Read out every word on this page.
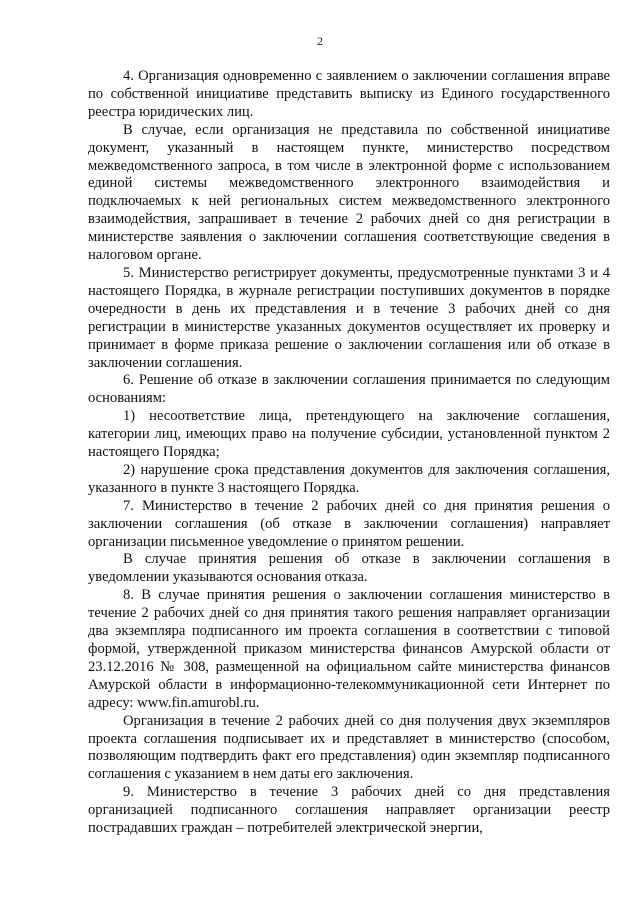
2

4. Организация одновременно с заявлением о заключении соглашения вправе по собственной инициативе представить выписку из Единого государственного реестра юридических лиц.

В случае, если организация не представила по собственной инициативе документ, указанный в настоящем пункте, министерство посредством межведомственного запроса, в том числе в электронной форме с использованием единой системы межведомственного электронного взаимодействия и подключаемых к ней региональных систем межведомственного электронного взаимодействия, запрашивает в течение 2 рабочих дней со дня регистрации в министерстве заявления о заключении соглашения соответствующие сведения в налоговом органе.

5. Министерство регистрирует документы, предусмотренные пунктами 3 и 4 настоящего Порядка, в журнале регистрации поступивших документов в порядке очередности в день их представления и в течение 3 рабочих дней со дня регистрации в министерстве указанных документов осуществляет их проверку и принимает в форме приказа решение о заключении соглашения или об отказе в заключении соглашения.

6. Решение об отказе в заключении соглашения принимается по следующим основаниям:

1) несоответствие лица, претендующего на заключение соглашения, категории лиц, имеющих право на получение субсидии, установленной пунктом 2 настоящего Порядка;

2) нарушение срока представления документов для заключения соглашения, указанного в пункте 3 настоящего Порядка.

7. Министерство в течение 2 рабочих дней со дня принятия решения о заключении соглашения (об отказе в заключении соглашения) направляет организации письменное уведомление о принятом решении.

В случае принятия решения об отказе в заключении соглашения в уведомлении указываются основания отказа.

8. В случае принятия решения о заключении соглашения министерство в течение 2 рабочих дней со дня принятия такого решения направляет организации два экземпляра подписанного им проекта соглашения в соответствии с типовой формой, утвержденной приказом министерства финансов Амурской области от 23.12.2016 № 308, размещенной на официальном сайте министерства финансов Амурской области в информационно-телекоммуникационной сети Интернет по адресу: www.fin.amurobl.ru.

Организация в течение 2 рабочих дней со дня получения двух экземпляров проекта соглашения подписывает их и представляет в министерство (способом, позволяющим подтвердить факт его представления) один экземпляр подписанного соглашения с указанием в нем даты его заключения.

9. Министерство в течение 3 рабочих дней со дня представления организацией подписанного соглашения направляет организации реестр пострадавших граждан – потребителей электрической энергии,
